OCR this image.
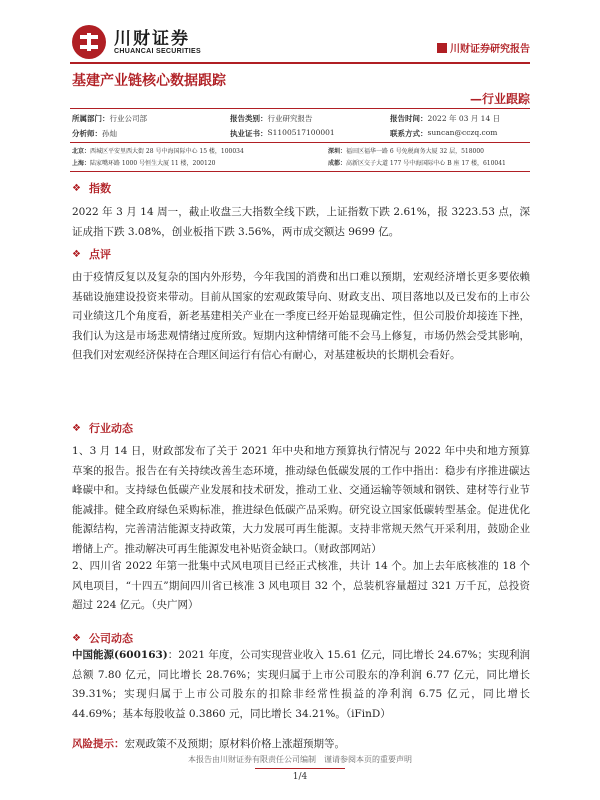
川财证券
CHUANCAI SECURITIES	川财证券研究报告
基建产业链核心数据跟踪
—行业跟踪
所属部门： 行业公司部	报告类别： 行业研究报告	报告时间： 2022 年 03 月 14 日
分析师： 孙灿	执业证书： S1100517100001	联系方式： suncan@cczq.com
北京： 西城区平安里西大街 28 号中海国际中心 15 楼，100034	深圳： 福田区福华一路 6 号免税商务大厦 32 层，518000
上海： 陆家嘴环路 1000 号恒生大厦 11 楼，200120	成都： 高新区交子大道 177 号中海国际中心 B 座 17 楼，610041
❖ 指数
2022 年 3 月 14 周一，截止收盘三大指数全线下跌，上证指数下跌 2.61%，报 3223.53 点，深证成指下跌 3.08%，创业板指下跌 3.56%，两市成交额达 9699 亿。
❖ 点评
由于疫情反复以及复杂的国内外形势，今年我国的消费和出口难以预期，宏观经济增长更多要依赖基础设施建设投资来带动。目前从国家的宏观政策导向、财政支出、项目落地以及已发布的上市公司业绩这几个角度看，新老基建相关产业在一季度已经开始显现确定性，但公司股价却接连下挫，我们认为这是市场悲观情绪过度所致。短期内这种情绪可能不会马上修复，市场仍然会受其影响，但我们对宏观经济保持在合理区间运行有信心有耐心，对基建板块的长期机会看好。
❖ 行业动态
1、3 月 14 日，财政部发布了关于 2021 年中央和地方预算执行情况与 2022 年中央和地方预算草案的报告。报告在有关持续改善生态环境，推动绿色低碳发展的工作中指出：稳步有序推进碳达峰碳中和。支持绿色低碳产业发展和技术研发，推动工业、交通运输等领域和钢铁、建材等行业节能减排。健全政府绿色采购标准，推进绿色低碳产品采购。研究设立国家低碳转型基金。促进优化能源结构，完善清洁能源支持政策，大力发展可再生能源。支持非常规天然气开采利用，鼓励企业增储上产。推动解决可再生能源发电补贴资金缺口。（财政部网站）
2、四川省 2022 年第一批集中式风电项目已经正式核准，共计 14 个。加上去年底核准的 18 个风电项目，“十四五”期间四川省已核准 3 风电项目 32 个，总装机容量超过 321 万千瓦，总投资超过 224 亿元。（央广网）
❖ 公司动态
中国能源(600163)：2021 年度，公司实现营业收入 15.61 亿元，同比增长 24.67%；实现利润总额 7.80 亿元，同比增长 28.76%；实现归属于上市公司股东的净利润 6.77 亿元，同比增长 39.31%；实现归属于上市公司股东的扣除非经常性损益的净利润 6.75 亿元，同比增长 44.69%；基本每股收益 0.3860 元，同比增长 34.21%。（iFinD）
风险提示：宏观政策不及预期；原材料价格上涨超预期等。
本报告由川财证券有限责任公司编制　谨请参阅本页的重要声明
1/4
